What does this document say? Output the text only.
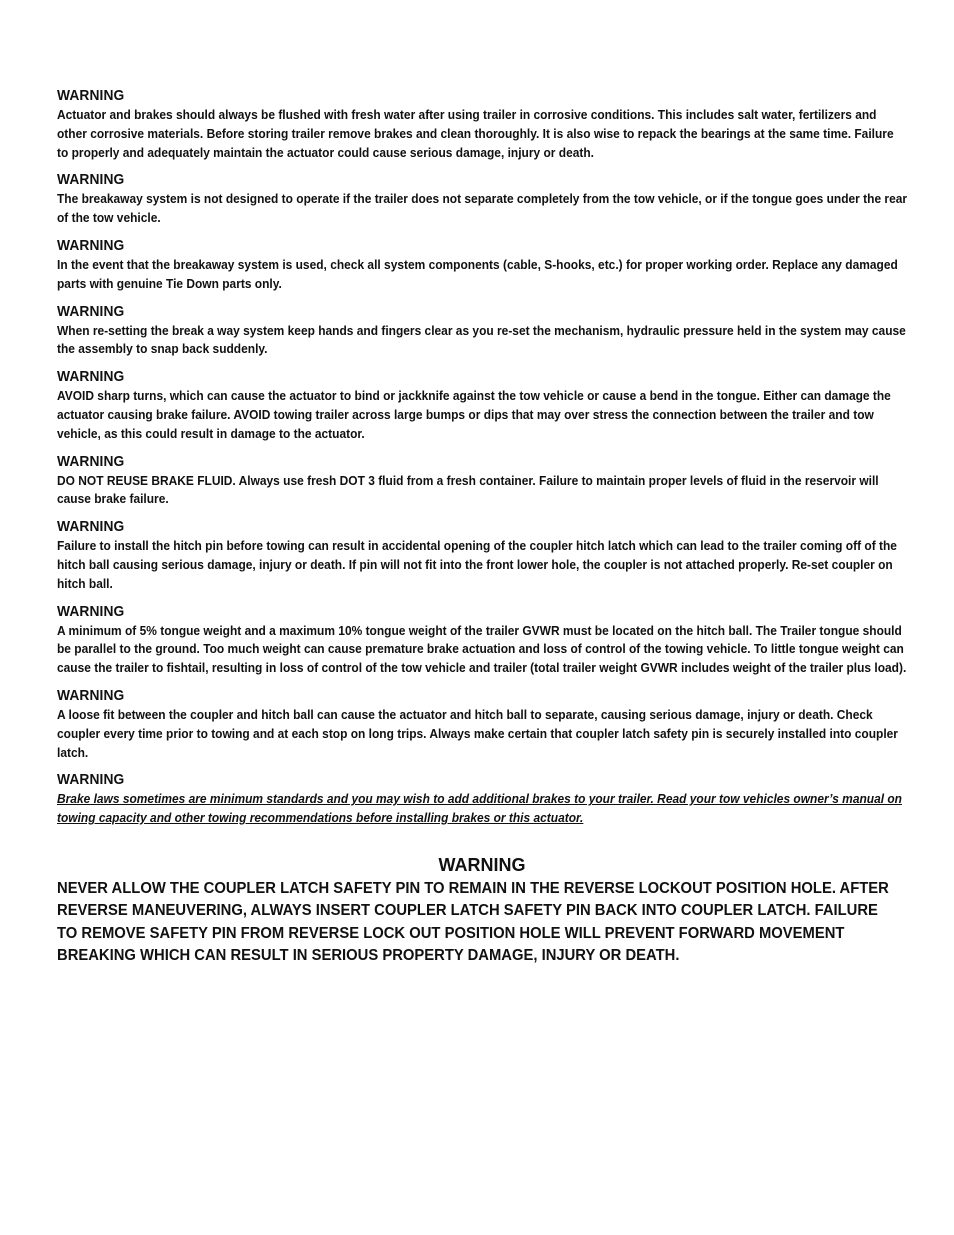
WARNING
Actuator and brakes should always be flushed with fresh water after using trailer in corrosive conditions. This includes salt water, fertilizers and other corrosive materials. Before storing trailer remove brakes and clean thoroughly. It is also wise to repack the bearings at the same time. Failure to properly and adequately maintain the actuator could cause serious damage, injury or death.
WARNING
The breakaway system is not designed to operate if the trailer does not separate completely from the tow vehicle, or if the tongue goes under the rear of the tow vehicle.
WARNING
In the event that the breakaway system is used, check all system components (cable, S-hooks, etc.) for proper working order. Replace any damaged parts with genuine Tie Down parts only.
WARNING
When re-setting the break a way system keep hands and fingers clear as you re-set the mechanism, hydraulic pressure held in the system may cause the assembly to snap back suddenly.
WARNING
AVOID sharp turns, which can cause the actuator to bind or jackknife against the tow vehicle or cause a bend in the tongue. Either can damage the actuator causing brake failure. AVOID towing trailer across large bumps or dips that may over stress the connection between the trailer and tow vehicle, as this could result in damage to the actuator.
WARNING
DO NOT REUSE BRAKE FLUID. Always use fresh DOT 3 fluid from a fresh container. Failure to maintain proper levels of fluid in the reservoir will cause brake failure.
WARNING
Failure to install the hitch pin before towing can result in accidental opening of the coupler hitch latch which can lead to the trailer coming off of the hitch ball causing serious damage, injury or death. If pin will not fit into the front lower hole, the coupler is not attached properly. Re-set coupler on hitch ball.
WARNING
A minimum of 5% tongue weight and a maximum 10% tongue weight of the trailer GVWR must be located on the hitch ball. The Trailer tongue should be parallel to the ground. Too much weight can cause premature brake actuation and loss of control of the towing vehicle. To little tongue weight can cause the trailer to fishtail, resulting in loss of control of the tow vehicle and trailer (total trailer weight GVWR includes weight of the trailer plus load).
WARNING
A loose fit between the coupler and hitch ball can cause the actuator and hitch ball to separate, causing serious damage, injury or death. Check coupler every time prior to towing and at each stop on long trips. Always make certain that coupler latch safety pin is securely installed into coupler latch.
WARNING
Brake laws sometimes are minimum standards and you may wish to add additional brakes to your trailer. Read your tow vehicles owner’s manual on towing capacity and other towing recommendations before installing brakes or this actuator.
WARNING
NEVER ALLOW THE COUPLER LATCH SAFETY PIN TO REMAIN IN THE REVERSE LOCKOUT POSITION HOLE. AFTER REVERSE MANEUVERING, ALWAYS INSERT COUPLER LATCH SAFETY PIN BACK INTO COUPLER LATCH. FAILURE TO REMOVE SAFETY PIN FROM REVERSE LOCK OUT POSITION HOLE WILL PREVENT FORWARD MOVEMENT BREAKING WHICH CAN RESULT IN SERIOUS PROPERTY DAMAGE, INJURY OR DEATH.
